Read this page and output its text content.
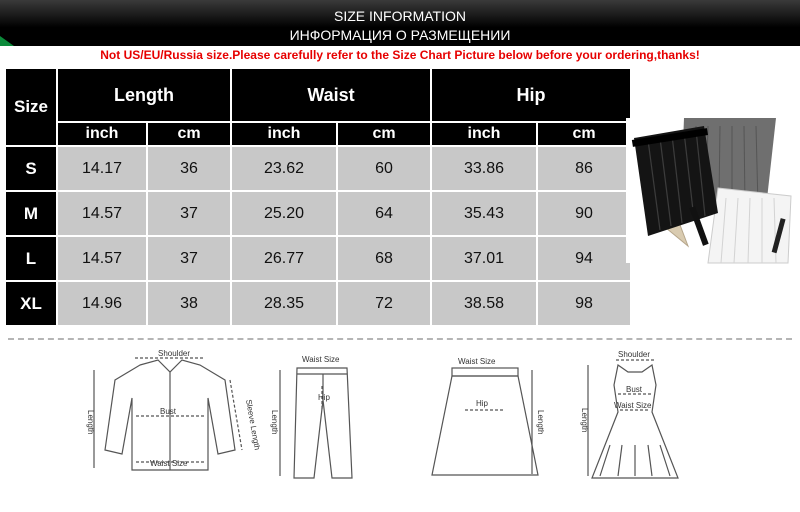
SIZE INFORMATION
ИНФОРМАЦИЯ О РАЗМЕЩЕНИИ
Not US/EU/Russia size.Please carefully refer to the Size Chart Picture below before your ordering,thanks!
Size	Length		Waist		Hip	
	inch	cm	inch	cm	inch	cm
S	14.17	36	23.62	60	33.86	86
M	14.57	37	25.20	64	35.43	90
L	14.57	37	26.77	68	37.01	94
XL	14.96	38	28.35	72	38.58	98
Shoulder
Bust
Waist Size
Sleeve Length
Length
Waist Size
Hip
Length
Waist Size
Hip
Length
Shoulder
Bust
Waist Size
Length
